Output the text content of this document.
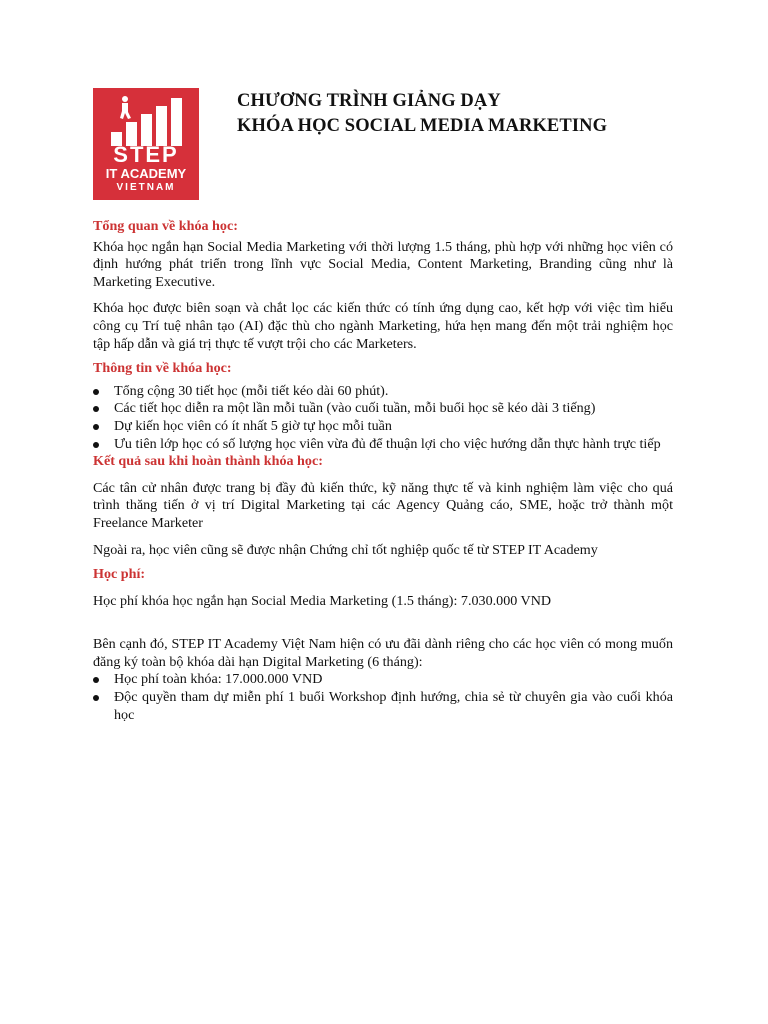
STEP
IT ACADEMY
VIETNAM
CHƯƠNG TRÌNH GIẢNG DẠY
KHÓA HỌC SOCIAL MEDIA MARKETING
Tổng quan về khóa học:

Khóa học ngắn hạn Social Media Marketing với thời lượng 1.5 tháng, phù hợp với những học viên có định hướng phát triển trong lĩnh vực Social Media, Content Marketing, Branding cũng như là Marketing Executive.

Khóa học được biên soạn và chắt lọc các kiến thức có tính ứng dụng cao, kết hợp với việc tìm hiểu công cụ Trí tuệ nhân tạo (AI) đặc thù cho ngành Marketing, hứa hẹn mang đến một trải nghiệm học tập hấp dẫn và giá trị thực tế vượt trội cho các Marketers.

Thông tin về khóa học:
Tổng cộng 30 tiết học (mỗi tiết kéo dài 60 phút).
Các tiết học diễn ra một lần mỗi tuần (vào cuối tuần, mỗi buổi học sẽ kéo dài 3 tiếng)
Dự kiến học viên có ít nhất 5 giờ tự học mỗi tuần
Ưu tiên lớp học có số lượng học viên vừa đủ để thuận lợi cho việc hướng dẫn thực hành trực tiếp
Kết quả sau khi hoàn thành khóa học:

Các tân cử nhân được trang bị đầy đủ kiến thức, kỹ năng thực tế và kinh nghiệm làm việc cho quá trình thăng tiến ở vị trí Digital Marketing tại các Agency Quảng cáo, SME, hoặc trở thành một Freelance Marketer

Ngoài ra, học viên cũng sẽ được nhận Chứng chỉ tốt nghiệp quốc tế từ STEP IT Academy

Học phí:

Học phí khóa học ngắn hạn Social Media Marketing (1.5 tháng): 7.030.000 VND

Bên cạnh đó, STEP IT Academy Việt Nam hiện có ưu đãi dành riêng cho các học viên có mong muốn đăng ký toàn bộ khóa dài hạn Digital Marketing (6 tháng):

Học phí toàn khóa: 17.000.000 VND
Độc quyền tham dự miễn phí 1 buổi Workshop định hướng, chia sẻ từ chuyên gia vào cuối khóa học
